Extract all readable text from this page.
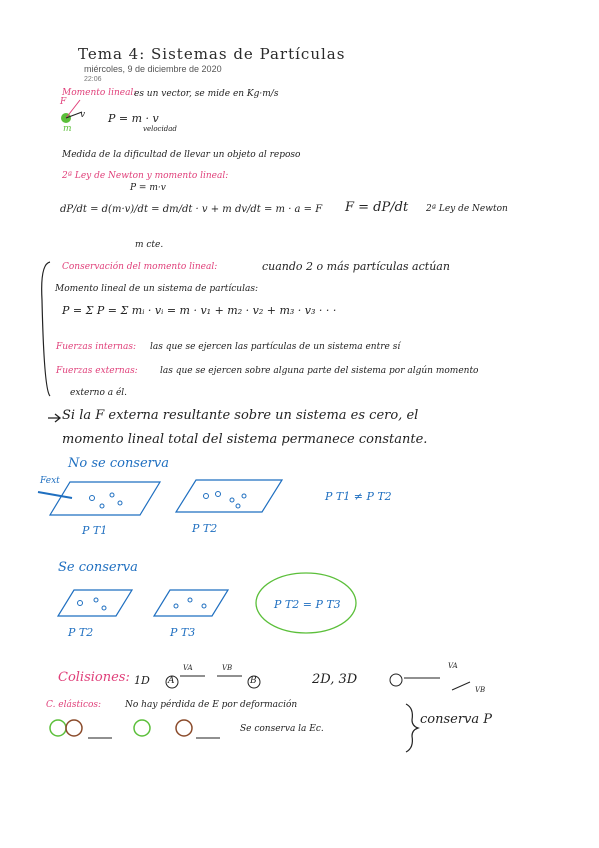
Tema 4: Sistemas de Partículas
miércoles, 9 de diciembre de 2020
22:06
Momento lineal:
es un vector, se mide en Kg·m/s
F
v
m
P = m · v
velocidad
Medida de la dificultad de llevar un objeto al reposo
2ª Ley de Newton y momento lineal:
P = m·v
dP/dt = d(m·v)/dt = dm/dt · v + m dv/dt = m · a = F F = dP/dt 2ª Ley de Newton
m cte.
Conservación del momento lineal:	cuando 2 o más partículas actúan
Momento lineal de un sistema de partículas:
P = Σ P = Σ mᵢ · vᵢ = m · v₁ + m₂ · v₂ + m₃ · v₃ · · ·
Fuerzas internas: las que se ejercen las partículas de un sistema entre sí
Fuerzas externas: las que se ejercen sobre alguna parte del sistema por algún momento
externo a él.
Si la F externa resultante sobre un sistema es cero, el
momento lineal total del sistema permanece constante.
No se conserva
Fext
P T1	P T2
P T1 ≠ P T2
Se conserva
P T2	P T3
P T2 = P T3
Colisiones: 1D A
VA	VB
B	2D, 3D
VA
VB
C. elásticos:	No hay pérdida de E por deformación
Se conserva la Ec.
conserva P
